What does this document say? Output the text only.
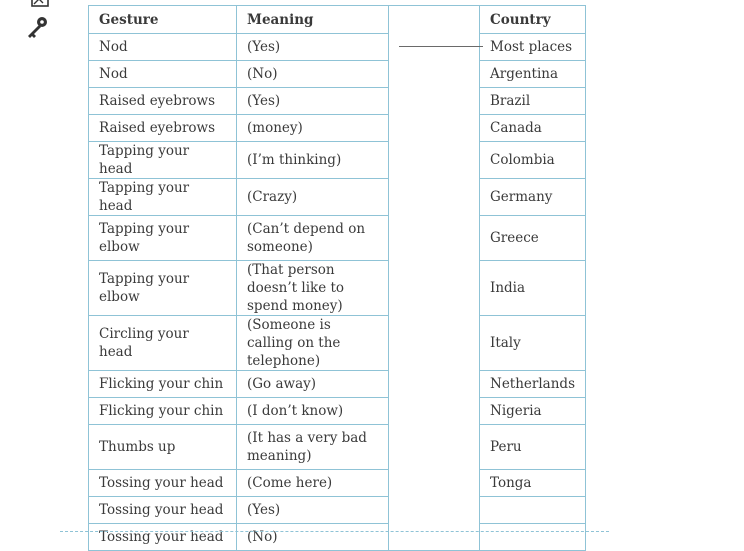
Gesture	Meaning		Country
Nod	(Yes)		Most places
Nod	(No)		Argentina
Raised eyebrows	(Yes)		Brazil
Raised eyebrows	(money)		Canada
Tapping your head	(I’m thinking)		Colombia
Tapping your head	(Crazy)		Germany
Tapping your elbow	(Can’t depend on someone)		Greece
Tapping your elbow	(That person doesn’t like to spend money)		India
Circling your head	(Someone is calling on the telephone)		Italy
Flicking your chin	(Go away)		Netherlands
Flicking your chin	(I don’t know)		Nigeria
Thumbs up	(It has a very bad meaning)		Peru
Tossing your head	(Come here)		Tonga
Tossing your head	(Yes)		
Tossing your head	(No)		
